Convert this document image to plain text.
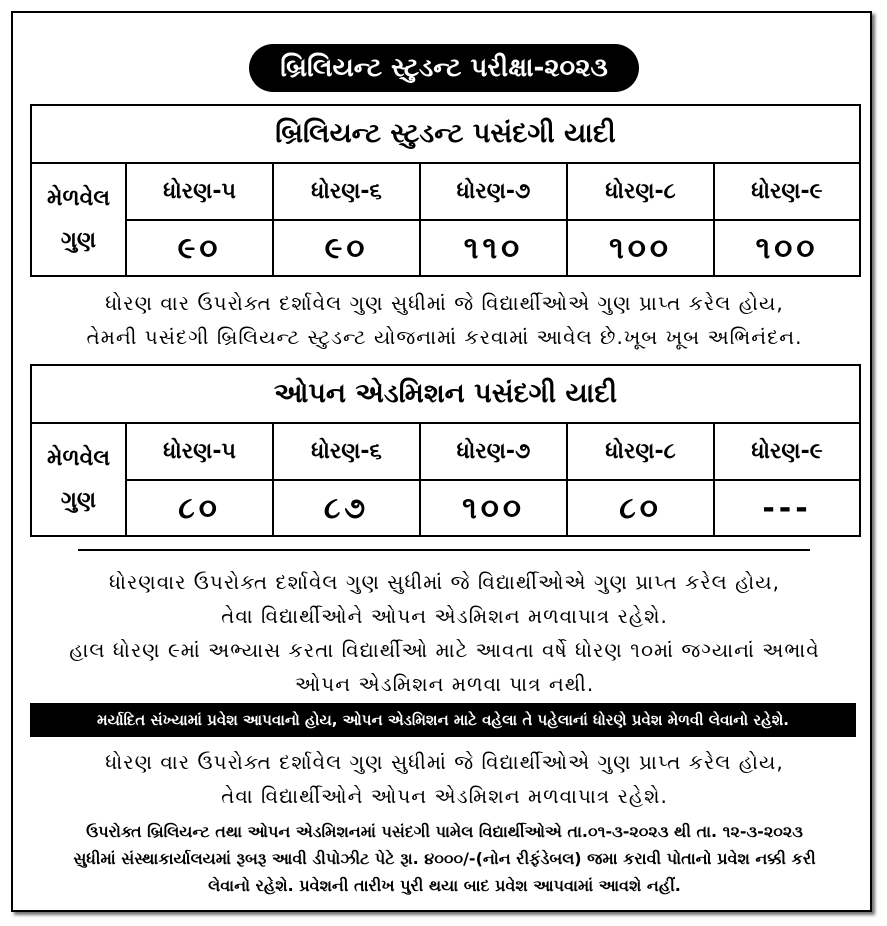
બ્રિલિયન્ટ સ્ટુડન્ટ પરીક્ષા-૨૦૨૩
બ્રિલિયન્ટ સ્ટુડન્ટ પસંદગી યાદી					

મેળવેલ
ગુણ	ધોરણ-૫	ધોરણ-૬	ધોરણ-૭	ધોરણ-૮	ધોરણ-૯
	૯૦	૯૦	૧૧૦	૧૦૦	૧૦૦
ધોરણ વાર ઉપરોક્ત દર્શાવેલ ગુણ સુધીમાં જે વિદ્યાર્થીઓએ ગુણ પ્રાપ્ત કરેલ હોય,
તેમની પસંદગી બ્રિલિયન્ટ સ્ટુડન્ટ યોજનામાં કરવામાં આવેલ છે.ખૂબ ખૂબ અભિનંદન.
ઓપન એડમિશન પસંદગી યાદી					

મેળવેલ
ગુણ	ધોરણ-૫	ધોરણ-૬	ધોરણ-૭	ધોરણ-૮	ધોરણ-૯
	૮૦	૮૭	૧૦૦	૮૦	---
ધોરણવાર ઉપરોક્ત દર્શાવેલ ગુણ સુધીમાં જે વિદ્યાર્થીઓએ ગુણ પ્રાપ્ત કરેલ હોય,
તેવા વિદ્યાર્થીઓને ઓપન એડમિશન મળવાપાત્ર રહેશે.
હાલ ધોરણ ૯માં અભ્યાસ કરતા વિદ્યાર્થીઓ માટે આવતા વર્ષે ધોરણ ૧૦માં જગ્યાનાં અભાવે
ઓપન એડમિશન મળવા પાત્ર નથી.
મર્યાદિત સંખ્યામાં પ્રવેશ આપવાનો હોય, ઓપન એડમિશન માટે વહેલા તે પહેલાનાં ધોરણે પ્રવેશ મેળવી લેવાનો રહેશે.
ધોરણ વાર ઉપરોક્ત દર્શાવેલ ગુણ સુધીમાં જે વિદ્યાર્થીઓએ ગુણ પ્રાપ્ત કરેલ હોય,
તેવા વિદ્યાર્થીઓને ઓપન એડમિશન મળવાપાત્ર રહેશે.
ઉપરોક્ત બ્રિલિયન્ટ તથા ઓપન એડમિશનમાં પસંદગી પામેલ વિદ્યાર્થીઓએ તા.૦૧-૩-૨૦૨૩ થી તા. ૧૨-૩-૨૦૨૩
સુધીમાં સંસ્થાકાર્યાલયમાં રૂબરૂ આવી ડીપોઝીટ પેટે રૂા. ૪૦૦૦/-(નોન રીફંડેબલ) જમા કરાવી પોતાનો પ્રવેશ નક્કી કરી
લેવાનો રહેશે. પ્રવેશની તારીખ પુરી થયા બાદ પ્રવેશ આપવામાં આવશે નહીં.
